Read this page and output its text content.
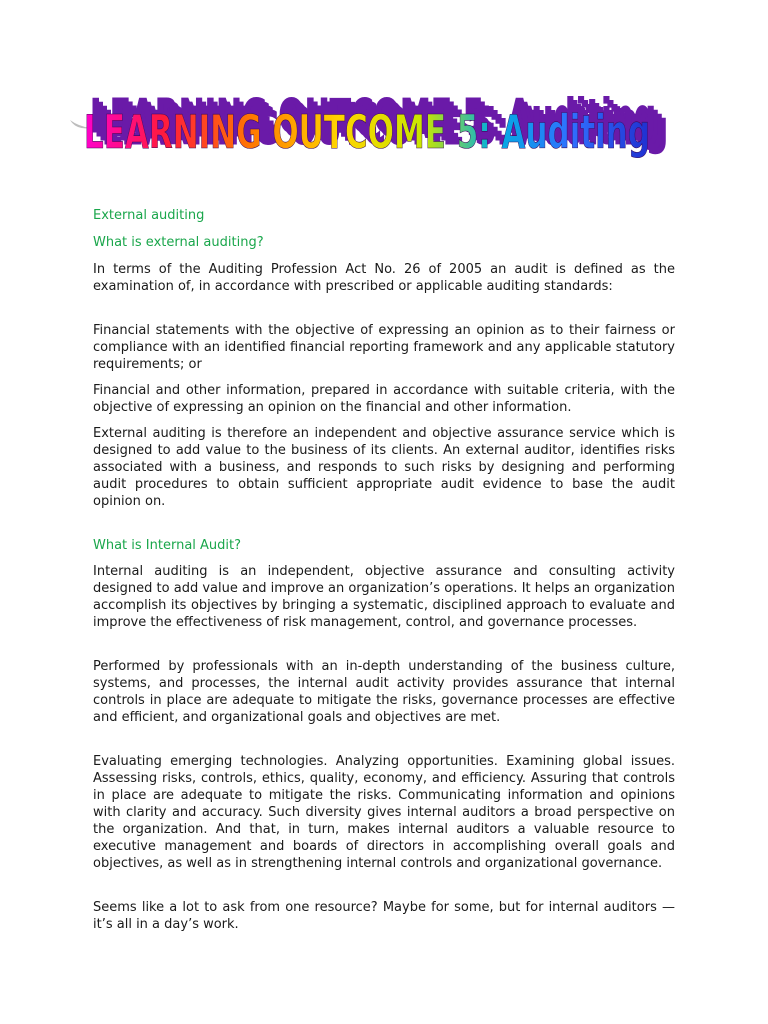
LEARNING OUTCOME 5: Auditing
LEARNING OUTCOME 5: Auditing
LEARNING OUTCOME 5: Auditing
LEARNING OUTCOME 5: Auditing
LEARNING OUTCOME 5: Auditing

External auditing

What is external auditing?

In terms of the Auditing Profession Act No. 26 of 2005 an audit is defined as the examination of, in accordance with prescribed or applicable auditing standards:

Financial statements with the objective of expressing an opinion as to their fairness or compliance with an identified financial reporting framework and any applicable statutory requirements; or

Financial and other information, prepared in accordance with suitable criteria, with the objective of expressing an opinion on the financial and other information.

External auditing is therefore an independent and objective assurance service which is designed to add value to the business of its clients. An external auditor, identifies risks associated with a business, and responds to such risks by designing and performing audit procedures to obtain sufficient appropriate audit evidence to base the audit opinion on.

What is Internal Audit?

Internal auditing is an independent, objective assurance and consulting activity designed to add value and improve an organization’s operations. It helps an organization accomplish its objectives by bringing a systematic, disciplined approach to evaluate and improve the effectiveness of risk management, control, and governance processes.

Performed by professionals with an in-depth understanding of the business culture, systems, and processes, the internal audit activity provides assurance that internal controls in place are adequate to mitigate the risks, governance processes are effective and efficient, and organizational goals and objectives are met.

Evaluating emerging technologies. Analyzing opportunities. Examining global issues. Assessing risks, controls, ethics, quality, economy, and efficiency. Assuring that controls in place are adequate to mitigate the risks. Communicating information and opinions with clarity and accuracy. Such diversity gives internal auditors a broad perspective on the organization. And that, in turn, makes internal auditors a valuable resource to executive management and boards of directors in accomplishing overall goals and objectives, as well as in strengthening internal controls and organizational governance.

Seems like a lot to ask from one resource? Maybe for some, but for internal auditors — it’s all in a day’s work.
